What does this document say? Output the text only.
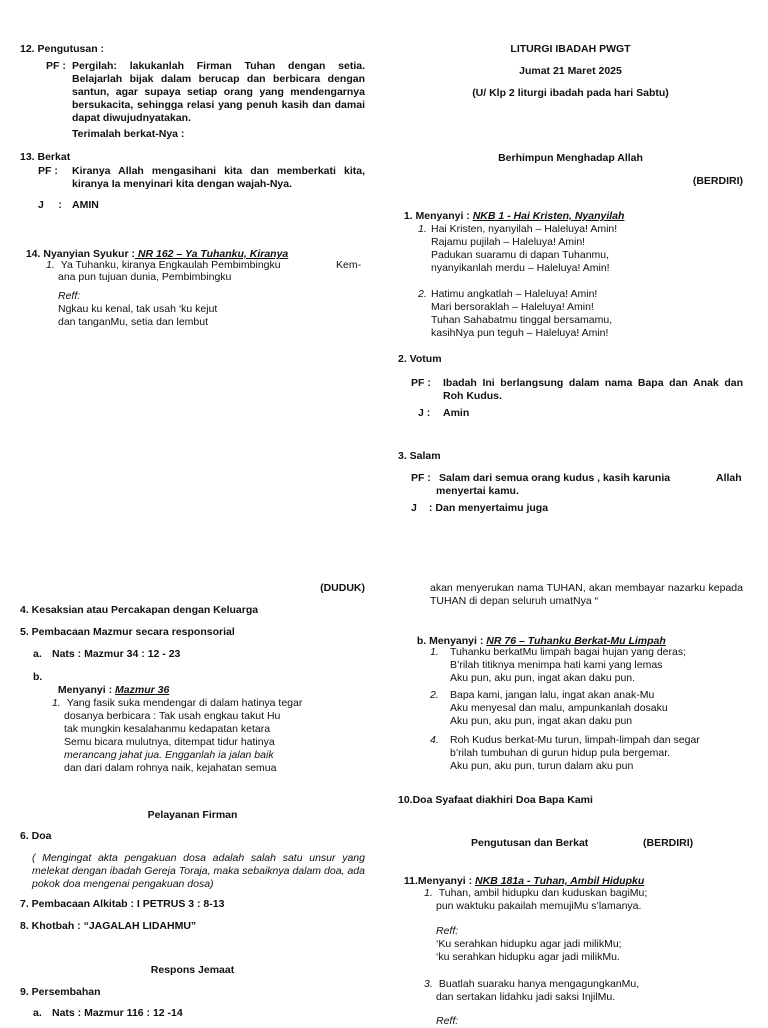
12. Pengutusan :
PF : Pergilah: lakukanlah Firman Tuhan dengan setia. Belajarlah bijak dalam berucap dan berbicara dengan santun, agar supaya setiap orang yang mendengarnya bersukacita, sehingga relasi yang penuh kasih dan damai dapat diwujudnyatakan.
Terimalah berkat-Nya :
13. Berkat
PF : Kiranya Allah mengasihani kita dan memberkati kita, kiranya Ia menyinari kita dengan wajah-Nya.
J     : AMIN

14. Nyanyian Syukur : NR 162 – Ya Tuhanku, Kiranya

1. Ya Tuhanku, kiranya Engkaulah Pembimbingku	Kem-
ana pun tujuan dunia, Pembimbingku
Reff:
Ngkau ku kenal, tak usah ‘ku kejut
dan tanganMu, setia dan lembut
LITURGI IBADAH PWGT
Jumat 21 Maret 2025
(U/ Klp 2 liturgi ibadah pada hari Sabtu)
Berhimpun Menghadap Allah
(BERDIRI)

1. Menyanyi : NKB 1 - Hai Kristen, Nyanyilah

1. Hai Kristen, nyanyilah – Haleluya! Amin!
Rajamu pujilah – Haleluya! Amin!
Padukan suaramu di dapan Tuhanmu,
nyanyikanlah merdu – Haleluya! Amin!
2. Hatimu angkatlah – Haleluya! Amin!
Mari bersoraklah – Haleluya! Amin!
Tuhan Sahabatmu tinggal bersamamu,
kasihNya pun teguh – Haleluya! Amin!
2. Votum
PF : Ibadah Ini berlangsung dalam nama Bapa dan Anak dan Roh Kudus.
J : Amin
3. Salam
PF : Salam dari semua orang kudus , kasih karunia	Allah
menyertai kamu.
J : Dan menyertaimu juga
(DUDUK)
4. Kesaksian atau Percakapan dengan Keluarga
5. Pembacaan Mazmur secara responsorial
a. Nats : Mazmur 34 : 12 - 23
b.

Menyanyi : Mazmur 36

1. Yang fasik suka mendengar di dalam hatinya tegar
dosanya berbicara : Tak usah engkau takut Hu
tak mungkin kesalahanmu kedapatan ketara
Semu bicara mulutnya, ditempat tidur hatinya
merancang jahat jua. Engganlah ia jalan baik
dan dari dalam rohnya naik, kejahatan semua
Pelayanan Firman
6. Doa
( Mengingat akta pengakuan dosa adalah salah satu unsur yang melekat dengan ibadah Gereja Toraja, maka sebaiknya dalam doa, ada pokok doa mengenai pengakuan dosa)
7. Pembacaan Alkitab : I PETRUS 3 : 8-13
8. Khotbah : “JAGALAH LIDAHMU”
Respons Jemaat
9. Persembahan
a. Nats : Mazmur 116 : 12 -14
akan menyerukan nama TUHAN, akan membayar nazarku kepada TUHAN di depan seluruh umatNya “

b. Menyanyi : NR 76 – Tuhanku Berkat-Mu Limpah

1. Tuhanku berkatMu limpah bagai hujan yang deras;
B’rilah titiknya menimpa hati kami yang lemas
Aku pun, aku pun, ingat akan daku pun.
2. Bapa kami, jangan lalu, ingat akan anak-Mu
Aku menyesal dan malu, ampunkanlah dosaku
Aku pun, aku pun, ingat akan daku pun
4. Roh Kudus berkat-Mu turun, limpah-limpah dan segar
b’rilah tumbuhan di gurun hidup pula bergemar.
Aku pun, aku pun, turun dalam aku pun
10.Doa Syafaat diakhiri Doa Bapa Kami
Pengutusan dan Berkat	(BERDIRI)

11.Menyanyi : NKB 181a - Tuhan, Ambil Hidupku

1. Tuhan, ambil hidupku dan kuduskan bagiMu;
pun waktuku pakailah memujiMu s’lamanya.
Reff:
‘Ku serahkan hidupku agar jadi milikMu;
‘ku serahkan hidupku agar jadi milikMu.
3. Buatlah suaraku hanya mengagungkanMu,
dan sertakan lidahku jadi saksi InjilMu.
Reff:
